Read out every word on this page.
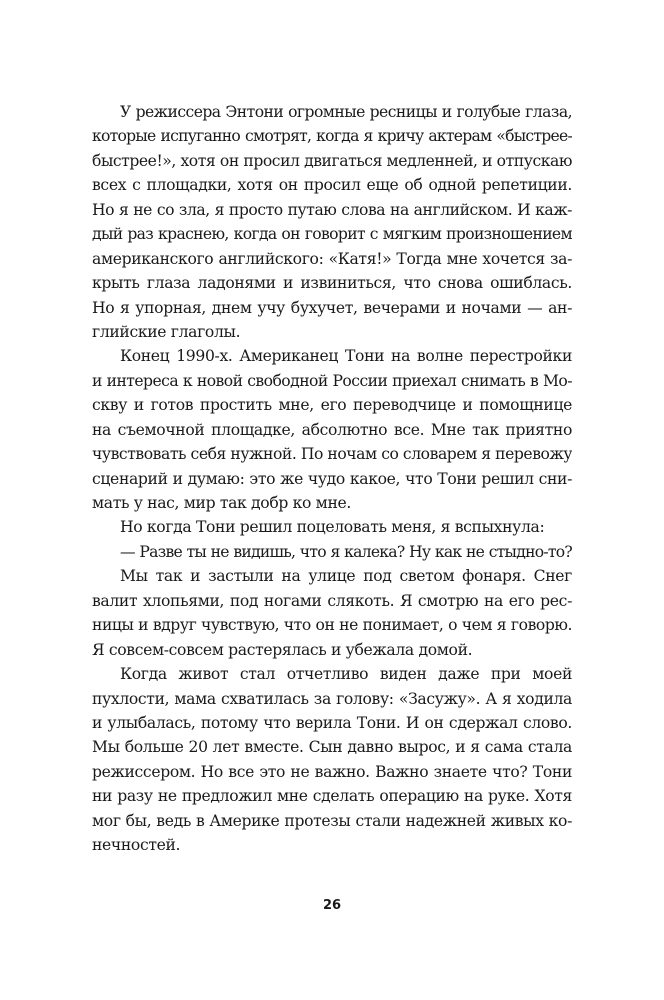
У режиссера Энтони огромные ресницы и голубые глаза,
которые испуганно смотрят, когда я кричу актерам «быстрее-
быстрее!», хотя он просил двигаться медленней, и отпускаю
всех с площадки, хотя он просил еще об одной репетиции.
Но я не со зла, я просто путаю слова на английском. И каж-
дый раз краснею, когда он говорит с мягким произношением
американского английского: «Катя!» Тогда мне хочется за-
крыть глаза ладонями и извиниться, что снова ошиблась.
Но я упорная, днем учу бухучет, вечерами и ночами — ан-
глийские глаголы.
Конец 1990-х. Американец Тони на волне перестройки
и интереса к новой свободной России приехал снимать в Мо-
скву и готов простить мне, его переводчице и помощнице
на съемочной площадке, абсолютно все. Мне так приятно
чувствовать себя нужной. По ночам со словарем я перевожу
сценарий и думаю: это же чудо какое, что Тони решил сни-
мать у нас, мир так добр ко мне.
Но когда Тони решил поцеловать меня, я вспыхнула:
— Разве ты не видишь, что я калека? Ну как не стыдно-то?
Мы так и застыли на улице под светом фонаря. Снег
валит хлопьями, под ногами слякоть. Я смотрю на его рес-
ницы и вдруг чувствую, что он не понимает, о чем я говорю.
Я совсем-совсем растерялась и убежала домой.
Когда живот стал отчетливо виден даже при моей
пухлости, мама схватилась за голову: «Засужу». А я ходила
и улыбалась, потому что верила Тони. И он сдержал слово.
Мы больше 20 лет вместе. Сын давно вырос, и я сама стала
режиссером. Но все это не важно. Важно знаете что? Тони
ни разу не предложил мне сделать операцию на руке. Хотя
мог бы, ведь в Америке протезы стали надежней живых ко-
нечностей.
26
